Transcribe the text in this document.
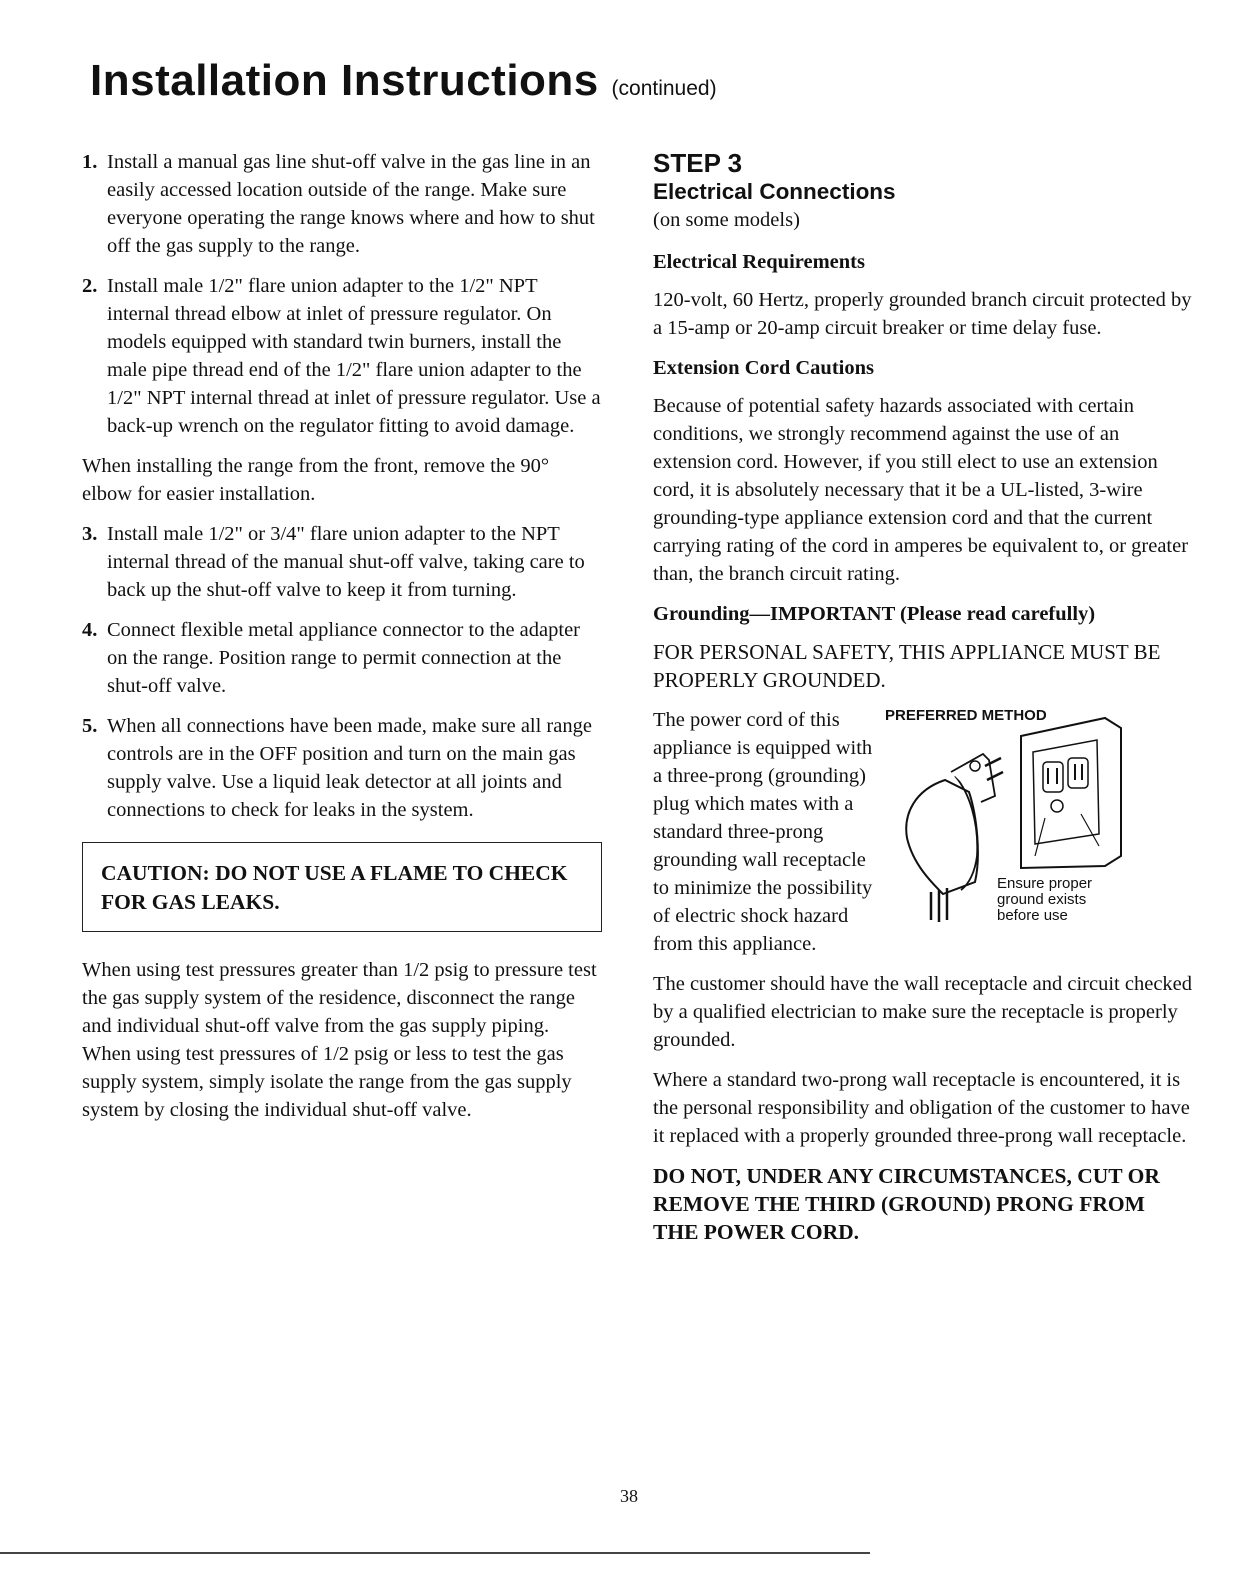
Installation Instructions (continued)
1. Install a manual gas line shut-off valve in the gas line in an easily accessed location outside of the range. Make sure everyone operating the range knows where and how to shut off the gas supply to the range.
2. Install male 1/2" flare union adapter to the 1/2" NPT internal thread elbow at inlet of pressure regulator. On models equipped with standard twin burners, install the male pipe thread end of the 1/2" flare union adapter to the 1/2" NPT internal thread at inlet of pressure regulator. Use a back-up wrench on the regulator fitting to avoid damage.

When installing the range from the front, remove the 90° elbow for easier installation.

3. Install male 1/2" or 3/4" flare union adapter to the NPT internal thread of the manual shut-off valve, taking care to back up the shut-off valve to keep it from turning.
4. Connect flexible metal appliance connector to the adapter on the range. Position range to permit connection at the shut-off valve.
5. When all connections have been made, make sure all range controls are in the OFF position and turn on the main gas supply valve. Use a liquid leak detector at all joints and connections to check for leaks in the system.
CAUTION: DO NOT USE A FLAME TO CHECK FOR GAS LEAKS.

When using test pressures greater than 1/2 psig to pressure test the gas supply system of the residence, disconnect the range and individual shut-off valve from the gas supply piping. When using test pressures of 1/2 psig or less to test the gas supply system, simply isolate the range from the gas supply system by closing the individual shut-off valve.

STEP 3
Electrical Connections

(on some models)

Electrical Requirements

120-volt, 60 Hertz, properly grounded branch circuit protected by a 15-amp or 20-amp circuit breaker or time delay fuse.

Extension Cord Cautions

Because of potential safety hazards associated with certain conditions, we strongly recommend against the use of an extension cord. However, if you still elect to use an extension cord, it is absolutely necessary that it be a UL-listed, 3-wire grounding-type appliance extension cord and that the current carrying rating of the cord in amperes be equivalent to, or greater than, the branch circuit rating.

Grounding—IMPORTANT (Please read carefully)

FOR PERSONAL SAFETY, THIS APPLIANCE MUST BE PROPERLY GROUNDED.

The power cord of this appliance is equipped with a three-prong (grounding) plug which mates with a standard three-prong grounding wall receptacle to minimize the possibility of electric shock hazard from this appliance.
PREFERRED METHOD
Ensure proper ground exists before use

The customer should have the wall receptacle and circuit checked by a qualified electrician to make sure the receptacle is properly grounded.

Where a standard two-prong wall receptacle is encountered, it is the personal responsibility and obligation of the customer to have it replaced with a properly grounded three-prong wall receptacle.

DO NOT, UNDER ANY CIRCUMSTANCES, CUT OR REMOVE THE THIRD (GROUND) PRONG FROM THE POWER CORD.
38
